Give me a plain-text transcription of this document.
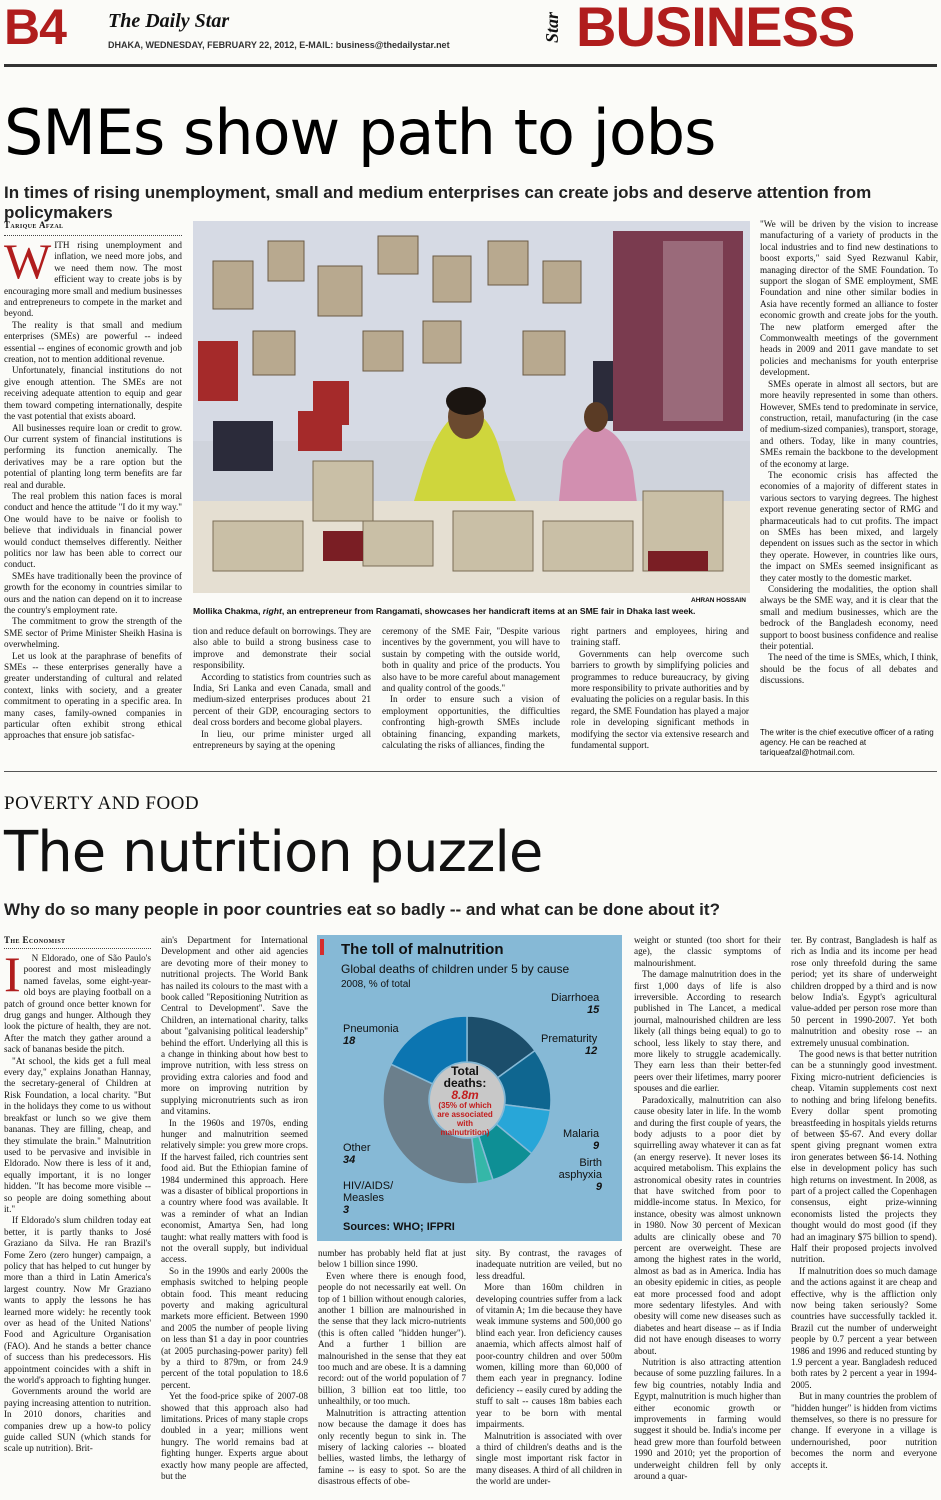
B4 The Daily Star
DHAKA, WEDNESDAY, FEBRUARY 22, 2012, E-MAIL: business@thedailystar.net
Star BUSINESS
SMEs show path to jobs
In times of rising unemployment, small and medium enterprises can create jobs and deserve attention from policymakers
Tarique Afzal
W ITH rising unemployment and inflation, we need more jobs, and we need them now. The most efficient way to create jobs is by encouraging more small and medium businesses and entrepreneurs to compete in the market and beyond.

The reality is that small and medium enterprises (SMEs) are powerful -- indeed essential -- engines of economic growth and job creation, not to mention additional revenue.

Unfortunately, financial institutions do not give enough attention. The SMEs are not receiving adequate attention to equip and gear them toward competing internationally, despite the vast potential that exists aboard.

All businesses require loan or credit to grow. Our current system of financial institutions is performing its function anemically. The derivatives may be a rare option but the potential of planting long term benefits are far real and durable.

The real problem this nation faces is moral conduct and hence the attitude "I do it my way." One would have to be naive or foolish to believe that individuals in financial power would conduct themselves differently. Neither politics nor law has been able to correct our conduct.

SMEs have traditionally been the province of growth for the economy in countries similar to ours and the nation can depend on it to increase the country's employment rate.

The commitment to grow the strength of the SME sector of Prime Minister Sheikh Hasina is overwhelming.

Let us look at the paraphrase of benefits of SMEs -- these enterprises generally have a greater understanding of cultural and related context, links with society, and a greater commitment to operating in a specific area. In many cases, family-owned companies in particular often exhibit strong ethical approaches that ensure job satisfac-

AHRAN HOSSAIN
Mollika Chakma, right, an entrepreneur from Rangamati, showcases her handicraft items at an SME fair in Dhaka last week.

tion and reduce default on borrowings. They are also able to build a strong business case to improve and demonstrate their social responsibility.

According to statistics from countries such as India, Sri Lanka and even Canada, small and medium-sized enterprises produces about 21 percent of their GDP, encouraging sectors to deal cross borders and become global players.

In lieu, our prime minister urged all entrepreneurs by saying at the opening

ceremony of the SME Fair, "Despite various incentives by the government, you will have to sustain by competing with the outside world, both in quality and price of the products. You also have to be more careful about management and quality control of the goods."

In order to ensure such a vision of employment opportunities, the difficulties confronting high-growth SMEs include obtaining financing, expanding markets, calculating the risks of alliances, finding the

right partners and employees, hiring and training staff.

Governments can help overcome such barriers to growth by simplifying policies and programmes to reduce bureaucracy, by giving more responsibility to private authorities and by evaluating the policies on a regular basis. In this regard, the SME Foundation has played a major role in developing significant methods in modifying the sector via extensive research and fundamental support.

"We will be driven by the vision to increase manufacturing of a variety of products in the local industries and to find new destinations to boost exports," said Syed Rezwanul Kabir, managing director of the SME Foundation. To support the slogan of SME employment, SME Foundation and nine other similar bodies in Asia have recently formed an alliance to foster economic growth and create jobs for the youth. The new platform emerged after the Commonwealth meetings of the government heads in 2009 and 2011 gave mandate to set policies and mechanisms for youth enterprise development.

SMEs operate in almost all sectors, but are more heavily represented in some than others. However, SMEs tend to predominate in service, construction, retail, manufacturing (in the case of medium-sized companies), transport, storage, and others. Today, like in many countries, SMEs remain the backbone to the development of the economy at large.

The economic crisis has affected the economies of a majority of different states in various sectors to varying degrees. The highest export revenue generating sector of RMG and pharmaceuticals had to cut profits. The impact on SMEs has been mixed, and largely dependent on issues such as the sector in which they operate. However, in countries like ours, the impact on SMEs seemed insignificant as they cater mostly to the domestic market.

Considering the modalities, the option shall always be the SME way, and it is clear that the small and medium businesses, which are the bedrock of the Bangladesh economy, need support to boost business confidence and realise their potential.

The need of the time is SMEs, which, I think, should be the focus of all debates and discussions.

The writer is the chief executive officer of a rating agency. He can be reached at tariqueafzal@hotmail.com.
POVERTY AND FOOD
The nutrition puzzle
Why do so many people in poor countries eat so badly -- and what can be done about it?
The Economist
I	N Eldorado, one of São Paulo's poorest and most misleadingly named favelas, some eight-year-old boys are playing football on a patch of ground once better known for drug gangs and hunger. Although they look the picture of health, they are not. After the match they gather around a sack of bananas beside the pitch.

"At school, the kids get a full meal every day," explains Jonathan Hannay, the secretary-general of Children at Risk Foundation, a local charity. "But in the holidays they come to us without breakfast or lunch so we give them bananas. They are filling, cheap, and they stimulate the brain." Malnutrition used to be pervasive and invisible in Eldorado. Now there is less of it and, equally important, it is no longer hidden. "It has become more visible -- so people are doing something about it."

If Eldorado's slum children today eat better, it is partly thanks to José Graziano da Silva. He ran Brazil's Fome Zero (zero hunger) campaign, a policy that has helped to cut hunger by more than a third in Latin America's largest country. Now Mr Graziano wants to apply the lessons he has learned more widely: he recently took over as head of the United Nations' Food and Agriculture Organisation (FAO). And he stands a better chance of success than his predecessors. His appointment coincides with a shift in the world's approach to fighting hunger.

Governments around the world are paying increasing attention to nutrition. In 2010 donors, charities and companies drew up a how-to policy guide called SUN (which stands for scale up nutrition). Brit-

ain's Department for International Development and other aid agencies are devoting more of their money to nutritional projects. The World Bank has nailed its colours to the mast with a book called "Repositioning Nutrition as Central to Development". Save the Children, an international charity, talks about "galvanising political leadership" behind the effort. Underlying all this is a change in thinking about how best to improve nutrition, with less stress on providing extra calories and food and more on improving nutrition by supplying micronutrients such as iron and vitamins.

In the 1960s and 1970s, ending hunger and malnutrition seemed relatively simple: you grew more crops. If the harvest failed, rich countries sent food aid. But the Ethiopian famine of 1984 undermined this approach. Here was a disaster of biblical proportions in a country where food was available. It was a reminder of what an Indian economist, Amartya Sen, had long taught: what really matters with food is not the overall supply, but individual access.

So in the 1990s and early 2000s the emphasis switched to helping people obtain food. This meant reducing poverty and making agricultural markets more efficient. Between 1990 and 2005 the number of people living on less than $1 a day in poor countries (at 2005 purchasing-power parity) fell by a third to 879m, or from 24.9 percent of the total population to 18.6 percent.

Yet the food-price spike of 2007-08 showed that this approach also had limitations. Prices of many staple crops doubled in a year; millions went hungry. The world remains bad at fighting hunger. Experts argue about exactly how many people are affected, but the

The toll of malnutrition
Global deaths of children under 5 by cause
2008, % of total
Total deaths:
8.8m
(35% of which are associated with malnutrition)
Diarrhoea
15
Prematurity
12
Malaria
9
Birth asphyxia
9
HIV/AIDS/ Measles
3
Other
34
Pneumonia
18
Sources: WHO; IFPRI

number has probably held flat at just below 1 billion since 1990.

Even where there is enough food, people do not necessarily eat well. On top of 1 billion without enough calories, another 1 billion are malnourished in the sense that they lack micro-nutrients (this is often called "hidden hunger"). And a further 1 billion are malnourished in the sense that they eat too much and are obese. It is a damning record: out of the world population of 7 billion, 3 billion eat too little, too unhealthily, or too much.

Malnutrition is attracting attention now because the damage it does has only recently begun to sink in. The misery of lacking calories -- bloated bellies, wasted limbs, the lethargy of famine -- is easy to spot. So are the disastrous effects of obe-

sity. By contrast, the ravages of inadequate nutrition are veiled, but no less dreadful.

More than 160m children in developing countries suffer from a lack of vitamin A; 1m die because they have weak immune systems and 500,000 go blind each year. Iron deficiency causes anaemia, which affects almost half of poor-country children and over 500m women, killing more than 60,000 of them each year in pregnancy. Iodine deficiency -- easily cured by adding the stuff to salt -- causes 18m babies each year to be born with mental impairments.

Malnutrition is associated with over a third of children's deaths and is the single most important risk factor in many diseases. A third of all children in the world are under-

weight or stunted (too short for their age), the classic symptoms of malnourishment.

The damage malnutrition does in the first 1,000 days of life is also irreversible. According to research published in The Lancet, a medical journal, malnourished children are less likely (all things being equal) to go to school, less likely to stay there, and more likely to struggle academically. They earn less than their better-fed peers over their lifetimes, marry poorer spouses and die earlier.

Paradoxically, malnutrition can also cause obesity later in life. In the womb and during the first couple of years, the body adjusts to a poor diet by squirrelling away whatever it can as fat (an energy reserve). It never loses its acquired metabolism. This explains the astronomical obesity rates in countries that have switched from poor to middle-income status. In Mexico, for instance, obesity was almost unknown in 1980. Now 30 percent of Mexican adults are clinically obese and 70 percent are overweight. These are among the highest rates in the world, almost as bad as in America. India has an obesity epidemic in cities, as people eat more processed food and adopt more sedentary lifestyles. And with obesity will come new diseases such as diabetes and heart disease -- as if India did not have enough diseases to worry about.

Nutrition is also attracting attention because of some puzzling failures. In a few big countries, notably India and Egypt, malnutrition is much higher than either economic growth or improvements in farming would suggest it should be. India's income per head grew more than fourfold between 1990 and 2010; yet the proportion of underweight children fell by only around a quar-

ter. By contrast, Bangladesh is half as rich as India and its income per head rose only threefold during the same period; yet its share of underweight children dropped by a third and is now below India's. Egypt's agricultural value-added per person rose more than 50 percent in 1990-2007. Yet both malnutrition and obesity rose -- an extremely unusual combination.

The good news is that better nutrition can be a stunningly good investment. Fixing micro-nutrient deficiencies is cheap. Vitamin supplements cost next to nothing and bring lifelong benefits. Every dollar spent promoting breastfeeding in hospitals yields returns of between $5-67. And every dollar spent giving pregnant women extra iron generates between $6-14. Nothing else in development policy has such high returns on investment. In 2008, as part of a project called the Copenhagen consensus, eight prize-winning economists listed the projects they thought would do most good (if they had an imaginary $75 billion to spend). Half their proposed projects involved nutrition.

If malnutrition does so much damage and the actions against it are cheap and effective, why is the affliction only now being taken seriously? Some countries have successfully tackled it. Brazil cut the number of underweight people by 0.7 percent a year between 1986 and 1996 and reduced stunting by 1.9 percent a year. Bangladesh reduced both rates by 2 percent a year in 1994-2005.

But in many countries the problem of "hidden hunger" is hidden from victims themselves, so there is no pressure for change. If everyone in a village is undernourished, poor nutrition becomes the norm and everyone accepts it.
